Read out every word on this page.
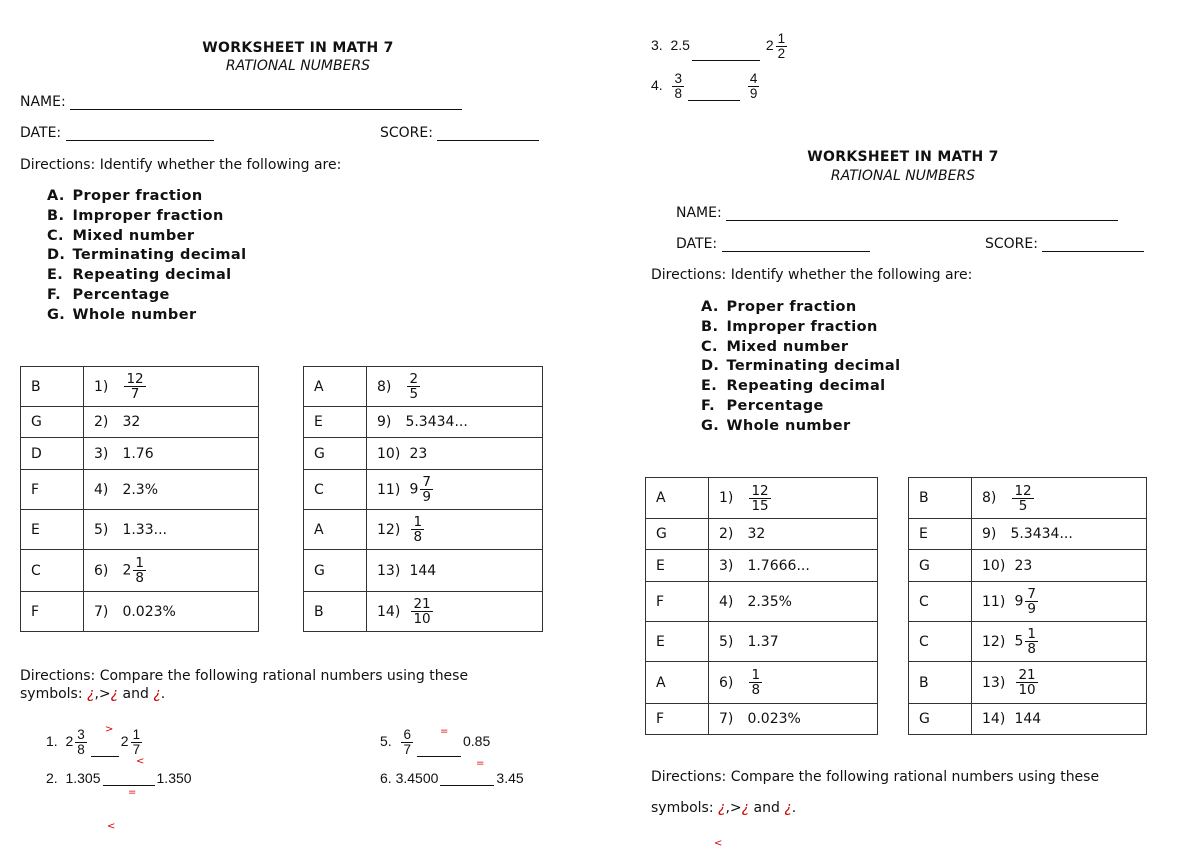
WORKSHEET IN MATH 7
RATIONAL NUMBERS
NAME:
DATE:	SCORE:
Directions: Identify whether the following are:
A. Proper fraction
B. Improper fraction
C. Mixed number
D. Terminating decimal
E. Repeating decimal
F. Percentage
G. Whole number
B	$1) \frac{12}{7}$

G	2) 32
D	3) 1.76
F	4) 2.3%
E	5) 1.33...
C	6) $2 \frac{1}{8}$

F	7) 0.023%
A	$8) \frac{2}{5}$

E	9) 5.3434...
G	10) 23
C	11) $9 \frac{7}{9}$

A	$12) \frac{1}{8}$

G	13) 144
B	$14) \frac{21}{10}$
Directions: Compare the following rational numbers using these
symbols: ¿,>¿ and ¿.
1. $2 \frac{3}{8} 2 \frac{1}{7}$
>
<
2. 1.305	1.350
=
<
5. $\frac{6}{7}$	0.85
=
6. 3.4500	3.45
=
3. 2.5	$2 \frac{1}{2}$
4. $\frac{3}{8}$
	$\frac{4}{9}$
WORKSHEET IN MATH 7
RATIONAL NUMBERS
NAME:
DATE:	SCORE:
Directions: Identify whether the following are:
A. Proper fraction
B. Improper fraction
C. Mixed number
D. Terminating decimal
E. Repeating decimal
F. Percentage
G. Whole number
A	$1) \frac{12}{15}$

G	2) 32
E	3) 1.7666...
F	4) 2.35%
E	5) 1.37
A	$6) \frac{1}{8}$

F	7) 0.023%
B	$8) \frac{12}{5}$

E	9) 5.3434...
G	10) 23
C	11) $9 \frac{7}{9}$

C	12) $5 \frac{1}{8}$

B	$13) \frac{21}{10}$

G	14) 144
Directions: Compare the following rational numbers using these
symbols: ¿,>¿ and ¿.
<
